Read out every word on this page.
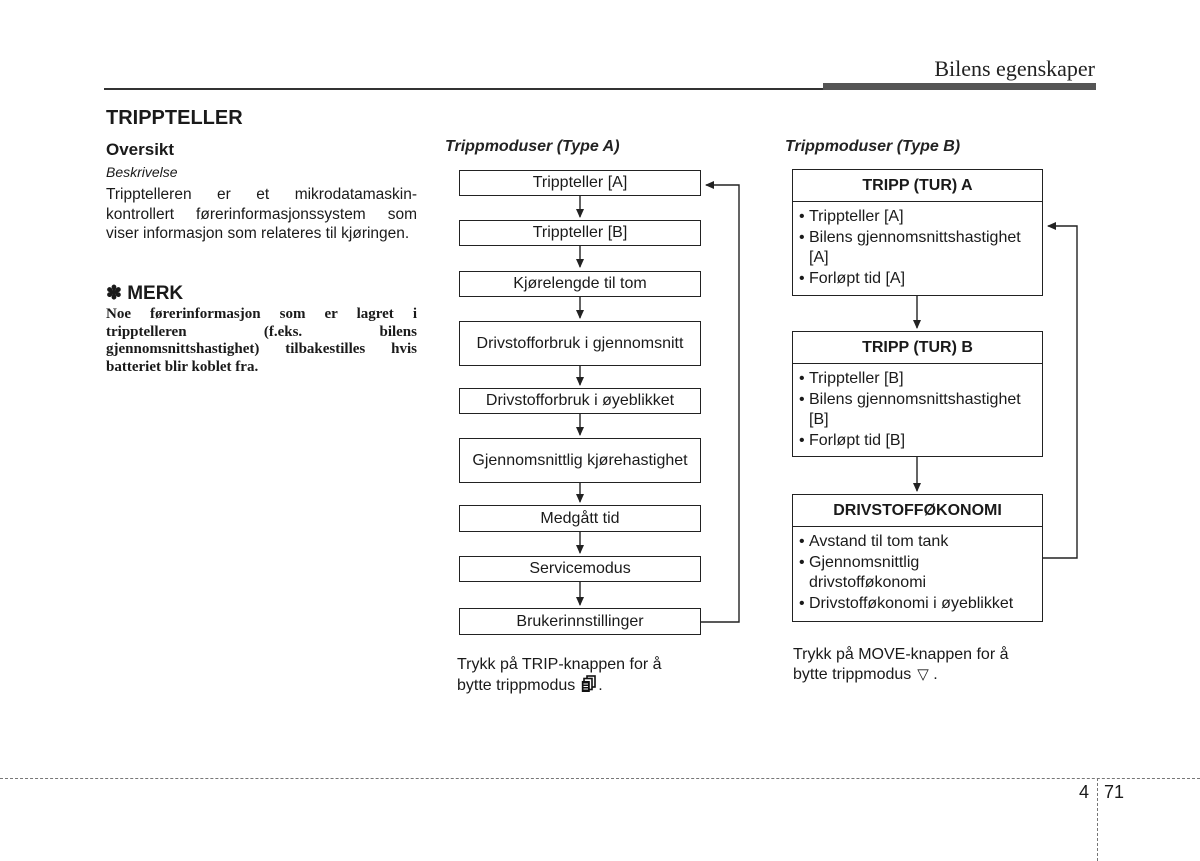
Bilens egenskaper
TRIPPTELLER
Oversikt
Beskrivelse
Tripptelleren er et mikrodatamaskin-kontrollert førerinformasjonssystem som viser informasjon som relateres til kjøringen.
✽ MERK
Noe førerinformasjon som er lagret i tripptelleren (f.eks. bilens gjennomsnittshastighet) tilbakestilles hvis batteriet blir koblet fra.
Trippmoduser (Type A)	Trippmoduser (Type B)
Trippteller [A]
Trippteller [B]
Kjørelengde til tom
Drivstofforbruk i gjennomsnitt
Drivstofforbruk i øyeblikket
Gjennomsnittlig kjørehastighet
Medgått tid
Servicemodus
Brukerinnstillinger
Trykk på TRIP-knappen for å
bytte trippmodus .
TRIPP (TUR) A
• Trippteller [A]
• Bilens gjennomsnittshastighet [A]
• Forløpt tid [A]
TRIPP (TUR) B
• Trippteller [B]
• Bilens gjennomsnittshastighet [B]
• Forløpt tid [B]
DRIVSTOFFØKONOMI
• Avstand til tom tank
• Gjennomsnittlig drivstofføkonomi
• Drivstofføkonomi i øyeblikket
Trykk på MOVE-knappen for å
bytte trippmodus ▽ .
4 71
